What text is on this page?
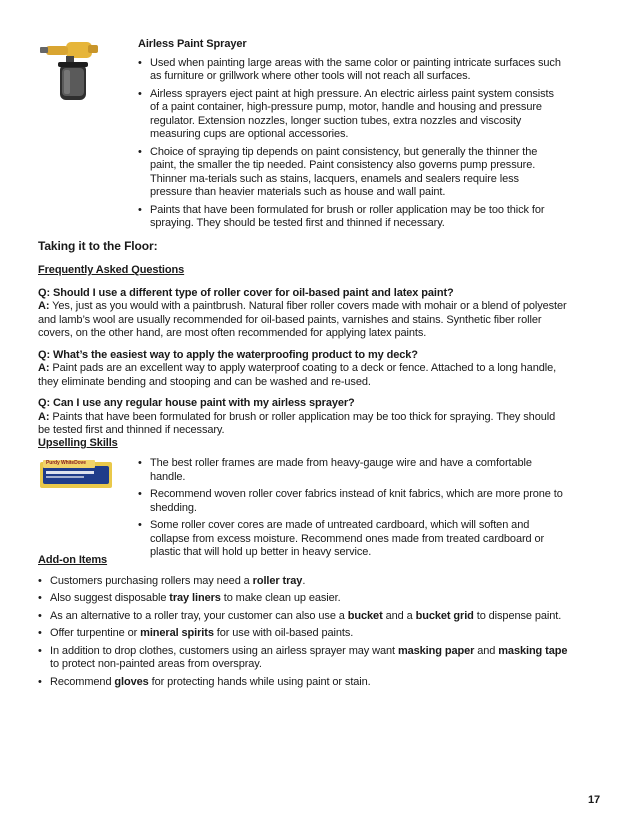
Airless Paint Sprayer

• Used when painting large areas with the same color or painting intricate surfaces such as furniture or grillwork where other tools will not reach all surfaces.
• Airless sprayers eject paint at high pressure. An electric airless paint system consists of a paint container, high-pressure pump, motor, handle and housing and pressure regulator. Extension nozzles, longer suction tubes, extra nozzles and viscosity measuring cups are optional accessories.
• Choice of spraying tip depends on paint consistency, but generally the thinner the paint, the smaller the tip needed. Paint consistency also governs pump pressure. Thinner ma-terials such as stains, lacquers, enamels and sealers require less pressure than heavier materials such as house and wall paint.
• Paints that have been formulated for brush or roller application may be too thick for spraying. They should be tested first and thinned if necessary.
Taking it to the Floor:

Frequently Asked Questions

Q: Should I use a different type of roller cover for oil-based paint and latex paint?

A: Yes, just as you would with a paintbrush. Natural fiber roller covers made with mohair or a blend of polyester and lamb’s wool are usually recommended for oil-based paints, varnishes and stains. Synthetic fiber roller covers, on the other hand, are most often recommended for applying latex paints.

Q: What’s the easiest way to apply the waterproofing product to my deck?

A: Paint pads are an excellent way to apply waterproof coating to a deck or fence. Attached to a long handle, they eliminate bending and stooping and can be washed and re-used.

Q: Can I use any regular house paint with my airless sprayer?

A: Paints that have been formulated for brush or roller application may be too thick for spraying. They should be tested first and thinned if necessary.

Upselling Skills
Purdy WhiteDove
•	The best roller frames are made from heavy-gauge wire and have a comfortable handle.
• Recommend woven roller cover fabrics instead of knit fabrics, which are more prone to shedding.
• Some roller cover cores are made of untreated cardboard, which will soften and collapse from excess moisture. Recommend ones made from treated cardboard or plastic that will hold up better in heavy service.

Add-on Items

• Customers purchasing rollers may need a roller tray.
• Also suggest disposable tray liners to make clean up easier.
• As an alternative to a roller tray, your customer can also use a bucket and a bucket grid to dispense paint.
• Offer turpentine or mineral spirits for use with oil-based paints.
• In addition to drop clothes, customers using an airless sprayer may want masking paper and masking tape to protect non-painted areas from overspray.
• Recommend gloves for protecting hands while using paint or stain.
17
